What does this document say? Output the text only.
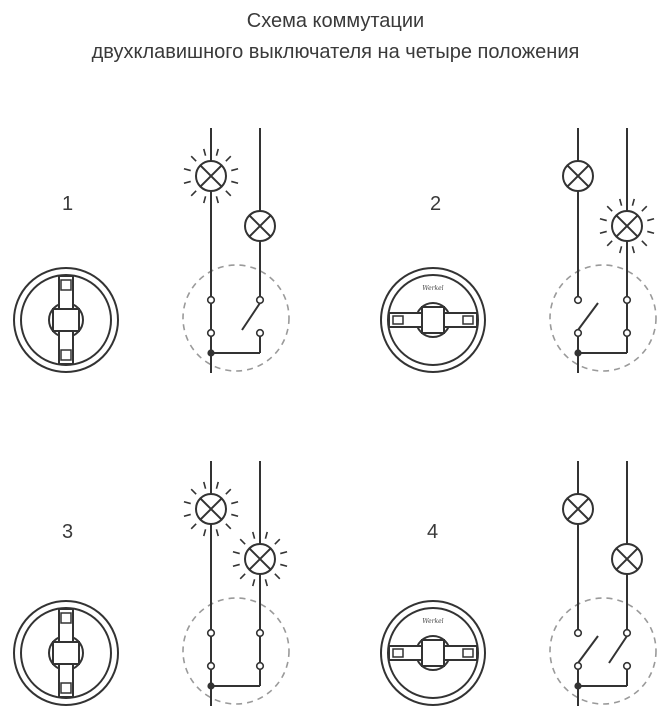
Схема коммутации
двухклавишного выключателя на четыре положения
1	2
Werkel
3	4
Werkel
